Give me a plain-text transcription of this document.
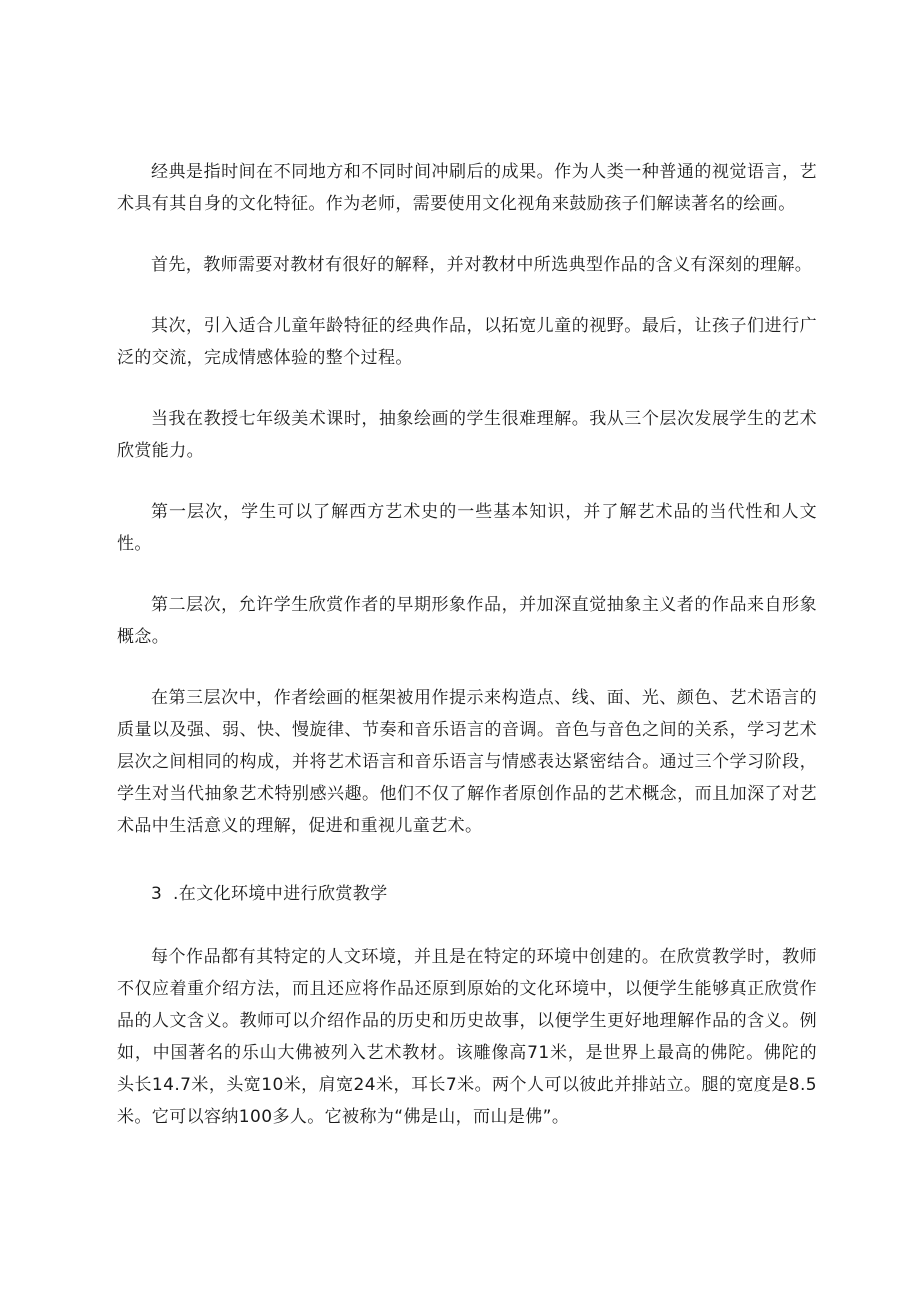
经典是指时间在不同地方和不同时间冲刷后的成果。作为人类一种普通的视觉语言，艺术具有其自身的文化特征。作为老师，需要使用文化视角来鼓励孩子们解读著名的绘画。

首先，教师需要对教材有很好的解释，并对教材中所选典型作品的含义有深刻的理解。

其次，引入适合儿童年龄特征的经典作品，以拓宽儿童的视野。最后，让孩子们进行广泛的交流，完成情感体验的整个过程。

当我在教授七年级美术课时，抽象绘画的学生很难理解。我从三个层次发展学生的艺术欣赏能力。

第一层次，学生可以了解西方艺术史的一些基本知识，并了解艺术品的当代性和人文性。

第二层次，允许学生欣赏作者的早期形象作品，并加深直觉抽象主义者的作品来自形象概念。

在第三层次中，作者绘画的框架被用作提示来构造点、线、面、光、颜色、艺术语言的质量以及强、弱、快、慢旋律、节奏和音乐语言的音调。音色与音色之间的关系，学习艺术层次之间相同的构成，并将艺术语言和音乐语言与情感表达紧密结合。通过三个学习阶段，学生对当代抽象艺术特别感兴趣。他们不仅了解作者原创作品的艺术概念，而且加深了对艺术品中生活意义的理解，促进和重视儿童艺术。

3 .在文化环境中进行欣赏教学

每个作品都有其特定的人文环境，并且是在特定的环境中创建的。在欣赏教学时，教师不仅应着重介绍方法，而且还应将作品还原到原始的文化环境中，以便学生能够真正欣赏作品的人文含义。教师可以介绍作品的历史和历史故事，以便学生更好地理解作品的含义。例如，中国著名的乐山大佛被列入艺术教材。该雕像高71米，是世界上最高的佛陀。佛陀的头长14.7米，头宽10米，肩宽24米，耳长7米。两个人可以彼此并排站立。腿的宽度是8.5米。它可以容纳100多人。它被称为“佛是山，而山是佛”。
